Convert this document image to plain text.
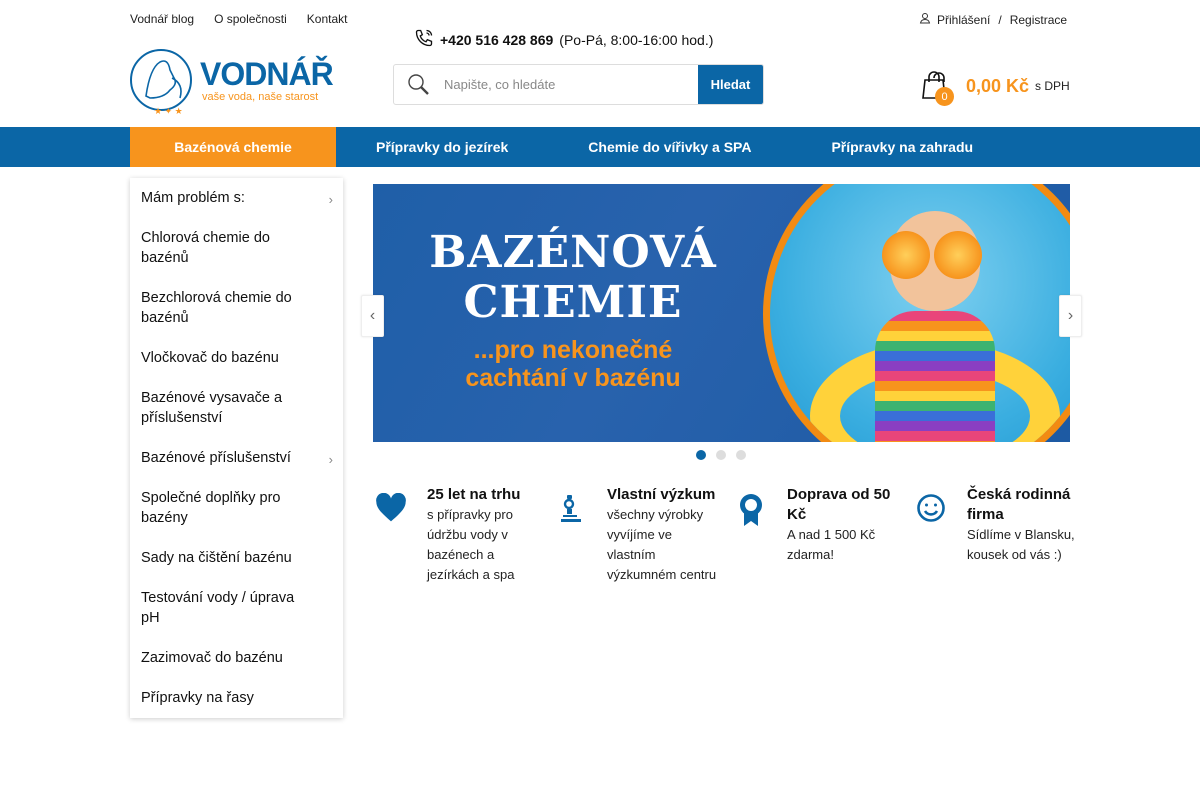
Vodnář blog O společnosti Kontakt
+420 516 428 869 (Po-Pá, 8:00-16:00 hod.)
Přihlášení / Registrace
★ ✦ ★
VODNÁŘ
vaše voda, naše starost
Napište, co hledáte
Hledat
0
0,00 Kč s DPH
Bazénová chemie	Přípravky do jezírek	Chemie do vířivky a SPA	Přípravky na zahradu
Mám problém s:	›
Chlorová chemie do bazénů
Bezchlorová chemie do bazénů
Vločkovač do bazénu
Bazénové vysavače a příslušenství
Bazénové příslušenství	›
Společné doplňky pro bazény
Sady na čištění bazénu
Testování vody / úprava pH
Zazimovač do bazénu
Přípravky na řasy
BAZÉNOVÁ
CHEMIE
...pro nekonečné
cachtání v bazénu
‹	›
25 let na trhu
s přípravky pro údržbu vody v bazénech a jezírkách a spa
Vlastní výzkum
všechny výrobky vyvíjíme ve vlastním výzkumném centru
Doprava od 50 Kč
A nad 1 500 Kč zdarma!
Česká rodinná firma
Sídlíme v Blansku, kousek od vás :)
